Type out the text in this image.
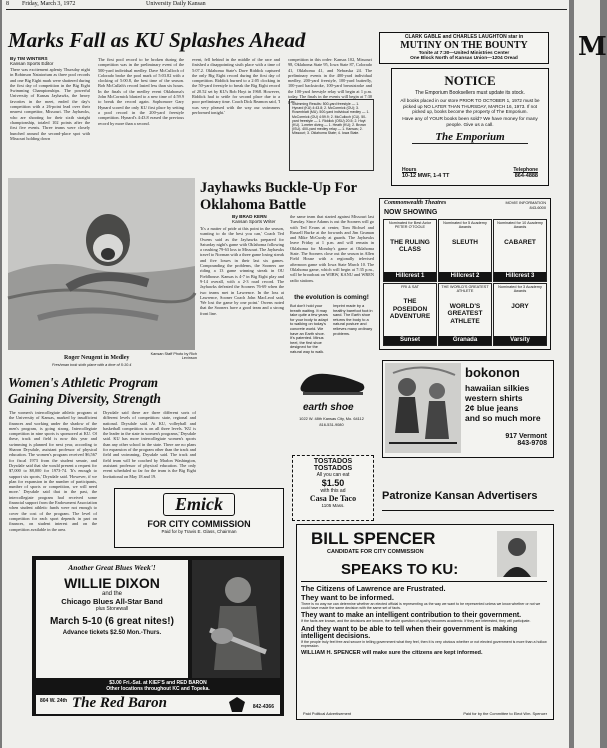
8 Friday, March 3, 1972	University Daily Kansan
Marks Fall as KU Splashes Ahead
By TIM WINTERS
Kansan Sports Editor
There was excitement aplenty Thursday night in Robinson Natatorium as three pool records and one Big Eight mark were shattered during the first day of competition in the Big Eight Swimming Championships. The powerful University of Kansas Jayhawks, the heavy favorites in the meet, ended the day's competition with a 26-point lead over their nearest competitor, Missouri. The Jayhawks, who are shooting for their sixth straight championship, totaled 102 points after the first five events. Three teams were closely bunched around the second-place spot with Missouri holding down
The first pool record to be broken during the competition was in the preliminary event of the 500-yard individual medley. Dave McCulloch of Colorado broke the pool mark of 5:03.82 with a clocking of 5:00.8, the best time of the season. Bob McCullah's record lasted less than six hours. In the finals of the medley event Oklahoma's John McCormick blasted to a new time of 4:59.9 to break the record again. Sophomore Gary Hynard scored the only KU first place by setting a pool record in the 200-yard freestyle competition. Hynard's 4:43.8 erased the previous record by more than a second.
event, fell behind in the middle of the race and finished a disappointing sixth place with a time of 5:07.2. Oklahoma State's Dave Riddick captured the only Big Eight record during the first day of competition. Riddick burned to a 2:05 clocking in the 50-yard freestyle to break the Big Eight record of 20.52 set by KU's Bob Hoyt in 1968. However, Riddick had to settle for second place due to a poor preliminary time. Coach Dick Reamon said, 'I was very pleased with the way our swimmers performed tonight.'
competition in this order: Kansas 102, Missouri 98, Oklahoma State 95, Iowa State 87, Colorado 41, Oklahoma 41, and Nebraska 24. The preliminary events in the 400-yard individual medley, 200-yard freestyle, 100-yard butterfly, 100-yard backstroke, 100-yard breaststroke and the 100-yard freestyle relay will begin at 1 p.m. today. The finals in the events will begin at 7:30 p.m.
Swimming Results: 500-yard freestyle — 1. Hynard (KU) 4:43.8; 2. McCormick (OU); 3. Rosenblatt (MU). 500-yard individual medley — 1. McCormick (OU) 4:59.9; 2. McCulloch (CU). 50-yard freestyle — 1. Riddick (OSU) 20.5; 2. Hoyt (KU). 1-meter diving — 1. Heath (KU); 2. Brown (ISU). 400-yard medley relay — 1. Kansas; 2. Missouri; 3. Oklahoma State; 4. Iowa State.
Kansan Staff Photo by Rich Levinson
Roger Neugent in Medley
Freshman took sixth place with a time of 5:10.4
Women's Athletic Program Gaining Diversity, Strength
The women's intercollegiate athletic program at the University of Kansas, marked by insufficient finances and working under the shadow of the men's program, is going strong. Intercollegiate competition in nine sports is sponsored at KU. Of these, track and field is now this year and swimming is planned for next year, according to Sharon Drysdale, assistant professor of physical education. The women's program received $6,567 for fiscal 1973 from the student senate, and Drysdale said that she would present a request for $7,000 to $8,000 for 1973-74. 'It's enough to support six sports,' Drysdale said. 'However, if we plan for expansion in the number of participants, number of sports or competition, we will need more.' Drysdale said that in the past, the intercollegiate program had received some financial support from the Endowment Association when student athletic funds were not enough to cover the cost of the program. The level of competition for each sport depends in part on finances, on student interest and on the competition available in the area.
Drysdale said there are three different sorts of different levels of competition: state, regional and national. Drysdale said. At KU, volleyball and basketball competition is on all three levels. 'KU is the leader in the state in women's programs,' Drysdale said. KU has more intercollegiate women's sports than any other school in the state. There are no plans for expansion of the program other than the track and field and swimming, Drysdale said. The track and field team will be coached by Marlon Washington, assistant professor of physical education. The only event scheduled so far for the team is the Big Eight Invitational on May 18 and 19.
Jayhawks Buckle-Up For Oklahoma Battle
By BRAD KERN
Kansan Sports Writer
'It's a matter of pride at this point in the season, wanting to do the best you can,' Coach Ted Owens said as the Jayhawks prepared for Saturday night's game with Oklahoma following a crushing 79-63 loss to Missouri. The Jayhawks travel to Norman with a three game losing streak and five losses in their last six games. Compounding the problems, the Sooners are riding a 13 game winning streak in OU Fieldhouse. Kansas is 4-7 in Big Eight play and 9-14 overall, with a 2-3 road record. The Jayhawks defeated the Sooners 76-69 when the two teams met in Lawrence. In the loss at Lawrence, Sooner Coach John MacLeod said, 'We lost the game by one point.' Owens noted that the Sooners have a good team and a strong front line.
the same team that started against Missouri last Tuesday. Since Adams is out the Sooners will go with Ted Evans at center, Tom Bichsel and Russell Burke at the forwards and Jim Gruman and Mike McCurdy at guards. The Jayhawks leave Friday at 1 p.m. and will remain in Oklahoma for Monday's game at Oklahoma State. The Sooners close out the season in Allen Field House with a regionally televised afternoon game with Iowa State March 10. The Oklahoma game, which will begin at 7:35 p.m., will be broadcast on WIBW, KANU and WREN radio stations.
the evolution is coming!
But don't hold your breath waiting. It may take quite a few years for your body to adapt to walking on today's concrete world. We have an Earth shoe. It's patented. Minus heel, the first shoe designed for the natural way to walk.
Imprint made by a healthy barefoot foot in sand. The Earth shoe returns the body to a natural posture and relieves many ordinary problems.
earth shoe
1022 W. 48th Kansas City, Mo. 64112
816-531-9080
TOSTADOS
TOSTADOS
All you can eat
$1.50
with this ad
Casa De Taco
1105 Mass.
CLARK GABLE and CHARLES LAUGHTON star in
MUTINY ON THE BOUNTY
Tonite at 7:30—United Ministries Center
One Block North of Kansas Union—1204 Oread
NOTICE
The Emporium Booksellers must update its stock.
All books placed in our store PRIOR TO OCTOBER 1, 1972 must be picked up NO LATER THAN THURSDAY, MARCH 16, 1973. If not picked up, books become the property of The Emporium.
Have any of YOUR books been sold? We have money for many people. Give us a call.
The Emporium
Hours
10-12 MWF, 1-4 TT
Telephone
864-4888
Commonwealth Theatres
NOW SHOWING
MOVIE INFORMATION
843-6000
Nominated for Best Actor PETER O'TOOLE
THE RULING CLASS
Hillcrest 1
Nominated for 5 Academy Awards
SLEUTH
Hillcrest 2
Nominated for 10 Academy Awards
CABARET
Hillcrest 3
FRI & SAT
THE POSEIDON ADVENTURE
Sunset
THE WORLD'S GREATEST ATHLETE
WORLD'S GREATEST ATHLETE
Granada
Nominated for 3 Academy Awards
JORY
Varsity
bokonon
hawaiian silkies
western shirts
2¢ blue jeans
and so much more
917 Vermont
843-9708
Patronize Kansan Advertisers
Emick
FOR CITY COMMISSION
Paid for by Travis E. Glass, Chairman
Another Great Blues Week'!
WILLIE DIXON
and the
Chicago Blues All-Star Band
plus Stonewall
March 5-10 (6 great nites!)
Advance tickets $2.50 Mon.-Thurs.
$3.00 Fri.-Sat. at KIEF'S and RED BARON
Other locations throughout KC and Topeka.
The Red Baron
804 W. 24th
842-4366
BILL SPENCER
CANDIDATE FOR CITY COMMISSION
SPEAKS TO KU:
The Citizens of Lawrence are Frustrated.
They want to be informed.
There is no way we can determine whether an elected official is representing us the way we want to be represented unless we know whether or not we could have made the same decision with the same set of facts.
They want to make an intelligent contribution to their government.
If the facts are known, and the decisions are known, the whole question of apathy becomes academic. If they are interested, they will participate.
And they want to be able to tell when their government is making intelligent decisions.
If the people truly feel free and secure in telling government what they feel, then it is very obvious whether or not elected government is more than a hollow expression.
WILLIAM H. SPENCER will make sure the citizens are kept informed.
Paid Political Advertisement	Paid for by the Committee to Elect Wm. Spencer
M
